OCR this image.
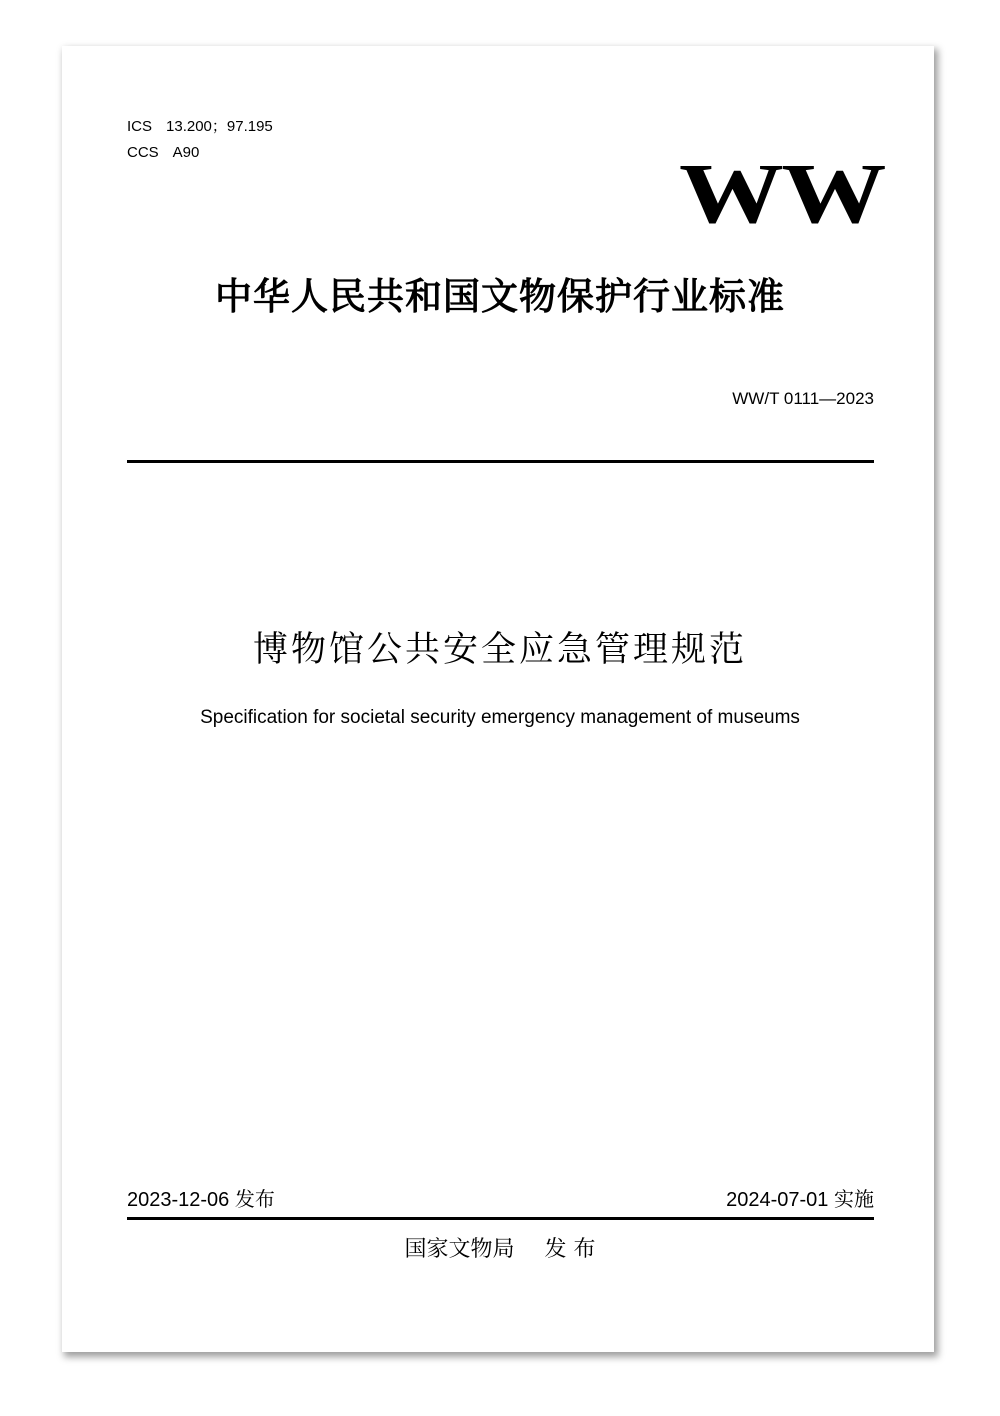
ICS 13.200；97.195
CCS A90	WW
中华人民共和国文物保护行业标准
WW/T 0111—2023
博物馆公共安全应急管理规范
Specification for societal security emergency management of museums
2023-12-06 发布	2024-07-01 实施
国家文物局 发 布
